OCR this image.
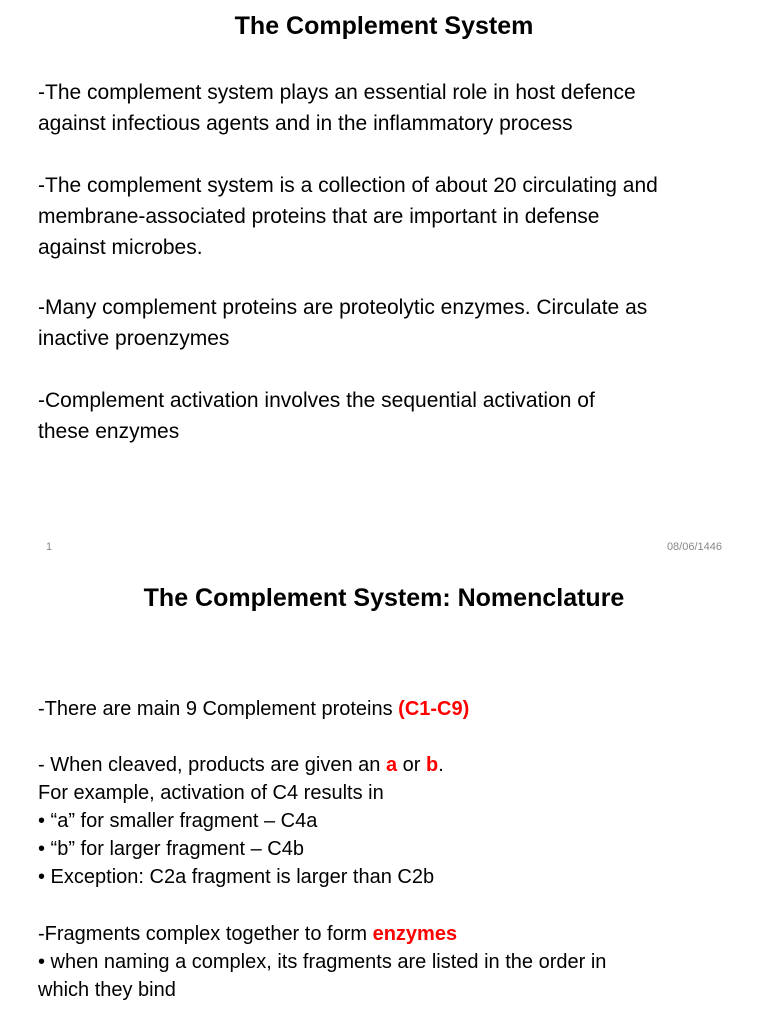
The Complement System
-The complement system plays an essential role in host defence
against infectious agents and in the inflammatory process
-The complement system is a collection of about 20 circulating and
membrane-associated proteins that are important in defense
against microbes.
-Many complement proteins are proteolytic enzymes. Circulate as
inactive proenzymes
-Complement activation involves the sequential activation of
these enzymes
1	08/06/1446
The Complement System: Nomenclature
-There are main 9 Complement proteins (C1-C9)
- When cleaved, products are given an a or b.
For example, activation of C4 results in
• “a” for smaller fragment – C4a
• “b” for larger fragment – C4b
• Exception: C2a fragment is larger than C2b
-Fragments complex together to form enzymes
• when naming a complex, its fragments are listed in the order in
which they bind
